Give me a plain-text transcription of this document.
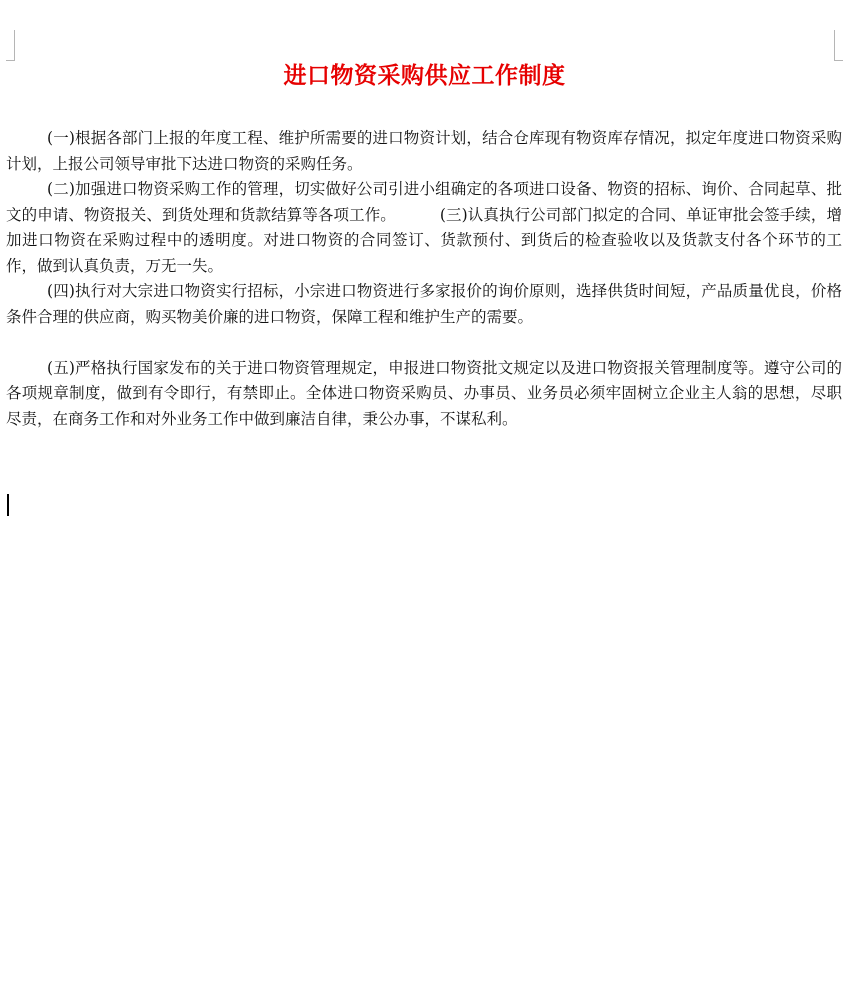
进口物资采购供应工作制度

(一)根据各部门上报的年度工程、维护所需要的进口物资计划，结合仓库现有物资库存情况，拟定年度进口物资采购计划，上报公司领导审批下达进口物资的采购任务。

(二)加强进口物资采购工作的管理，切实做好公司引进小组确定的各项进口设备、物资的招标、询价、合同起草、批文的申请、物资报关、到货处理和货款结算等各项工作。	(三)认真执行公司部门拟定的合同、单证审批会签手续，增加进口物资在采购过程中的透明度。对进口物资的合同签订、货款预付、到货后的检查验收以及货款支付各个环节的工作，做到认真负责，万无一失。

(四)执行对大宗进口物资实行招标，小宗进口物资进行多家报价的询价原则，选择供货时间短，产品质量优良，价格条件合理的供应商，购买物美价廉的进口物资，保障工程和维护生产的需要。

(五)严格执行国家发布的关于进口物资管理规定，申报进口物资批文规定以及进口物资报关管理制度等。遵守公司的各项规章制度，做到有令即行，有禁即止。全体进口物资采购员、办事员、业务员必须牢固树立企业主人翁的思想，尽职尽责，在商务工作和对外业务工作中做到廉洁自律，秉公办事，不谋私利。
